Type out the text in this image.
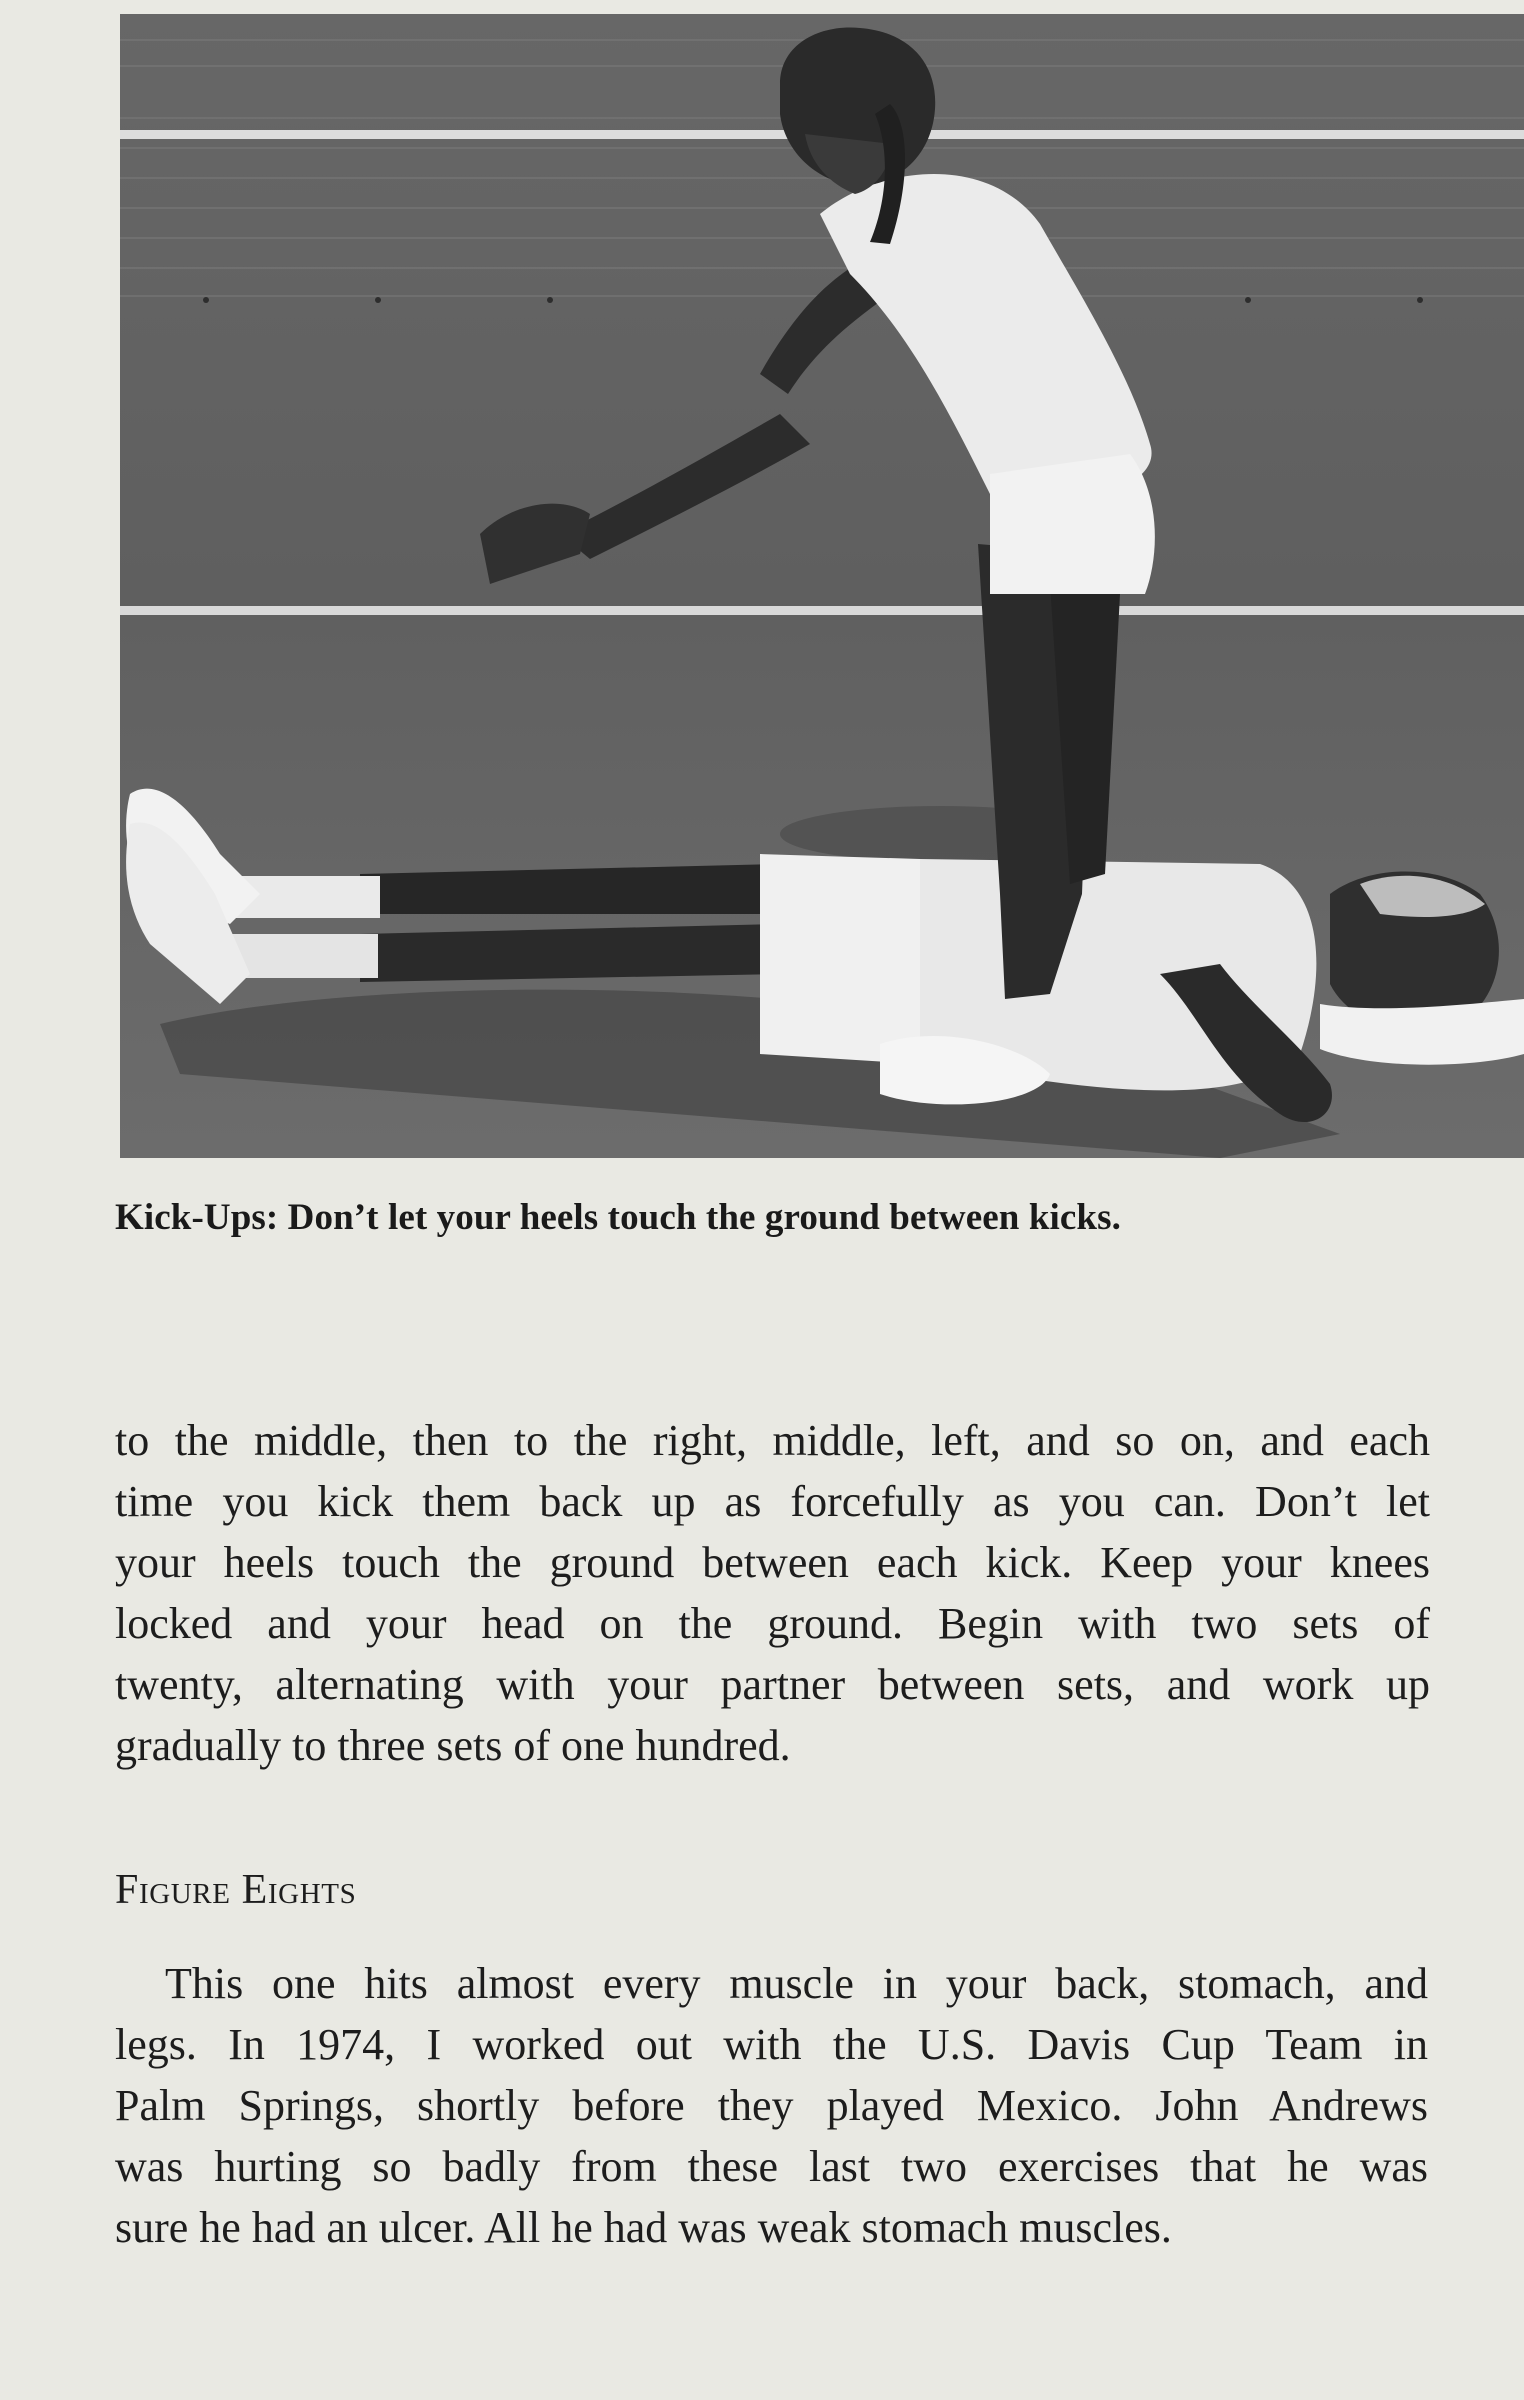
Kick-Ups: Don’t let your heels touch the ground between kicks.
to the middle, then to the right, middle, left, and so on, and each
time you kick them back up as forcefully as you can. Don’t let
your heels touch the ground between each kick. Keep your knees
locked and your head on the ground. Begin with two sets of
twenty, alternating with your partner between sets, and work up
gradually to three sets of one hundred.
Figure Eights
This one hits almost every muscle in your back, stomach, and
legs. In 1974, I worked out with the U.S. Davis Cup Team in
Palm Springs, shortly before they played Mexico. John Andrews
was hurting so badly from these last two exercises that he was
sure he had an ulcer. All he had was weak stomach muscles.
